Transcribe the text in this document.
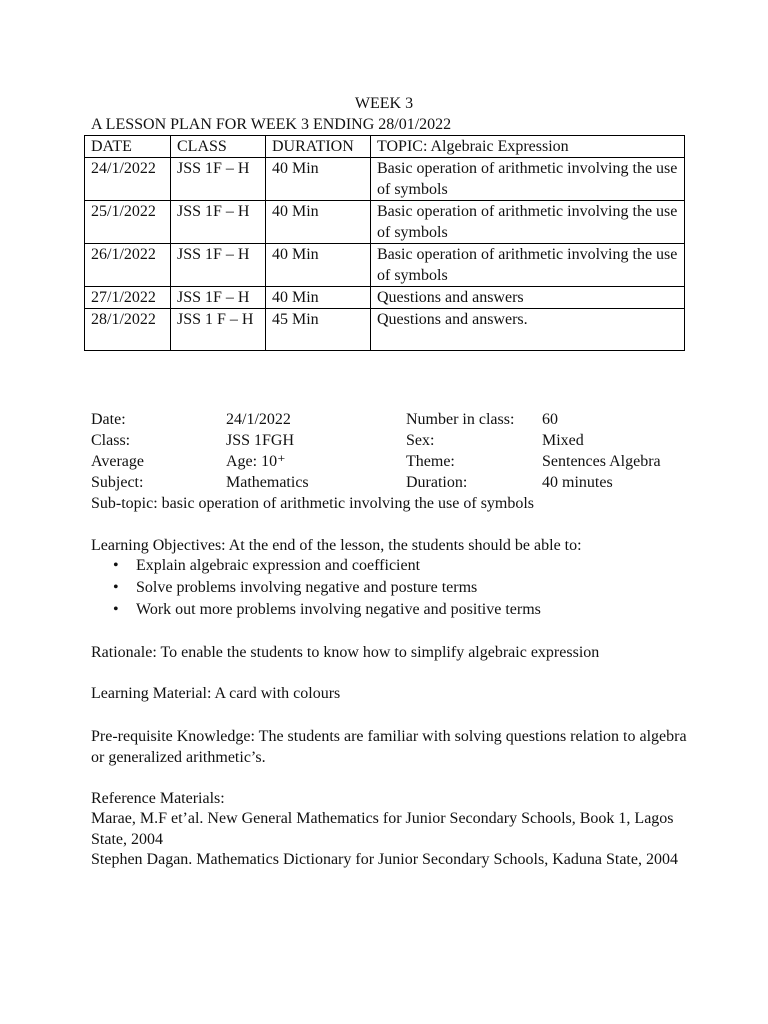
WEEK 3
A LESSON PLAN FOR WEEK 3 ENDING 28/01/2022
DATE	CLASS	DURATION	TOPIC: Algebraic Expression
24/1/2022	JSS 1F – H	40 Min	Basic operation of arithmetic involving the use of symbols
25/1/2022	JSS 1F – H	40 Min	Basic operation of arithmetic involving the use of symbols
26/1/2022	JSS 1F – H	40 Min	Basic operation of arithmetic involving the use of symbols
27/1/2022	JSS 1F – H	40 Min	Questions and answers
28/1/2022	JSS 1 F – H	45 Min	Questions and answers.
Date:	24/1/2022	Number in class: 60
Class:	JSS 1FGH	Sex:	Mixed
Average	Age: 10⁺	Theme:	Sentences Algebra
Subject:	Mathematics	Duration:	40 minutes
Sub-topic: basic operation of arithmetic involving the use of symbols
Learning Objectives: At the end of the lesson, the students should be able to:
• Explain algebraic expression and coefficient
• Solve problems involving negative and posture terms
• Work out more problems involving negative and positive terms
Rationale: To enable the students to know how to simplify algebraic expression
Learning Material: A card with colours
Pre-requisite Knowledge: The students are familiar with solving questions relation to algebra or generalized arithmetic’s.
Reference Materials:
Marae, M.F et’al. New General Mathematics for Junior Secondary Schools, Book 1, Lagos State, 2004
Stephen Dagan. Mathematics Dictionary for Junior Secondary Schools, Kaduna State, 2004
